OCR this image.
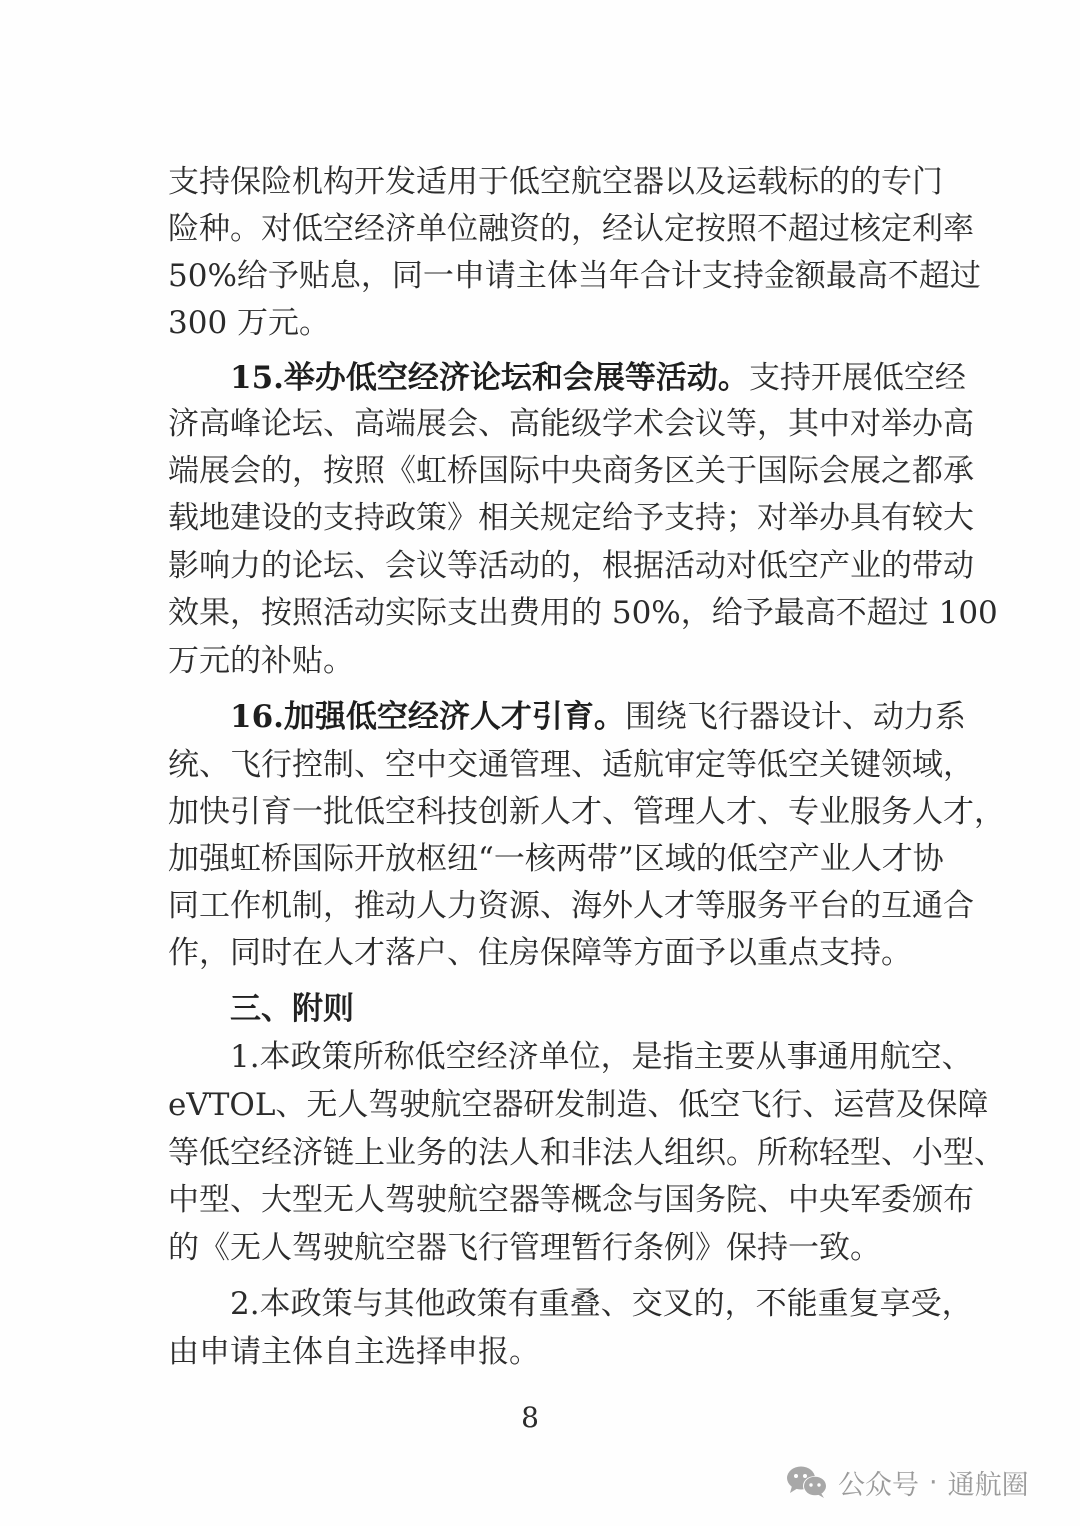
支持保险机构开发适用于低空航空器以及运载标的的专门
险种。对低空经济单位融资的，经认定按照不超过核定利率
50%给予贴息，同一申请主体当年合计支持金额最高不超过
300 万元。
15.举办低空经济论坛和会展等活动。支持开展低空经
济高峰论坛、高端展会、高能级学术会议等，其中对举办高
端展会的，按照《虹桥国际中央商务区关于国际会展之都承
载地建设的支持政策》相关规定给予支持；对举办具有较大
影响力的论坛、会议等活动的，根据活动对低空产业的带动
效果，按照活动实际支出费用的 50%，给予最高不超过 100
万元的补贴。
16.加强低空经济人才引育。围绕飞行器设计、动力系
统、飞行控制、空中交通管理、适航审定等低空关键领域，
加快引育一批低空科技创新人才、管理人才、专业服务人才，
加强虹桥国际开放枢纽“一核两带”区域的低空产业人才协
同工作机制，推动人力资源、海外人才等服务平台的互通合
作，同时在人才落户、住房保障等方面予以重点支持。
三、附则
1.本政策所称低空经济单位，是指主要从事通用航空、
eVTOL、无人驾驶航空器研发制造、低空飞行、运营及保障
等低空经济链上业务的法人和非法人组织。所称轻型、小型、
中型、大型无人驾驶航空器等概念与国务院、中央军委颁布
的《无人驾驶航空器飞行管理暂行条例》保持一致。
2.本政策与其他政策有重叠、交叉的，不能重复享受，
由申请主体自主选择申报。
8
公众号 · 通航圈
